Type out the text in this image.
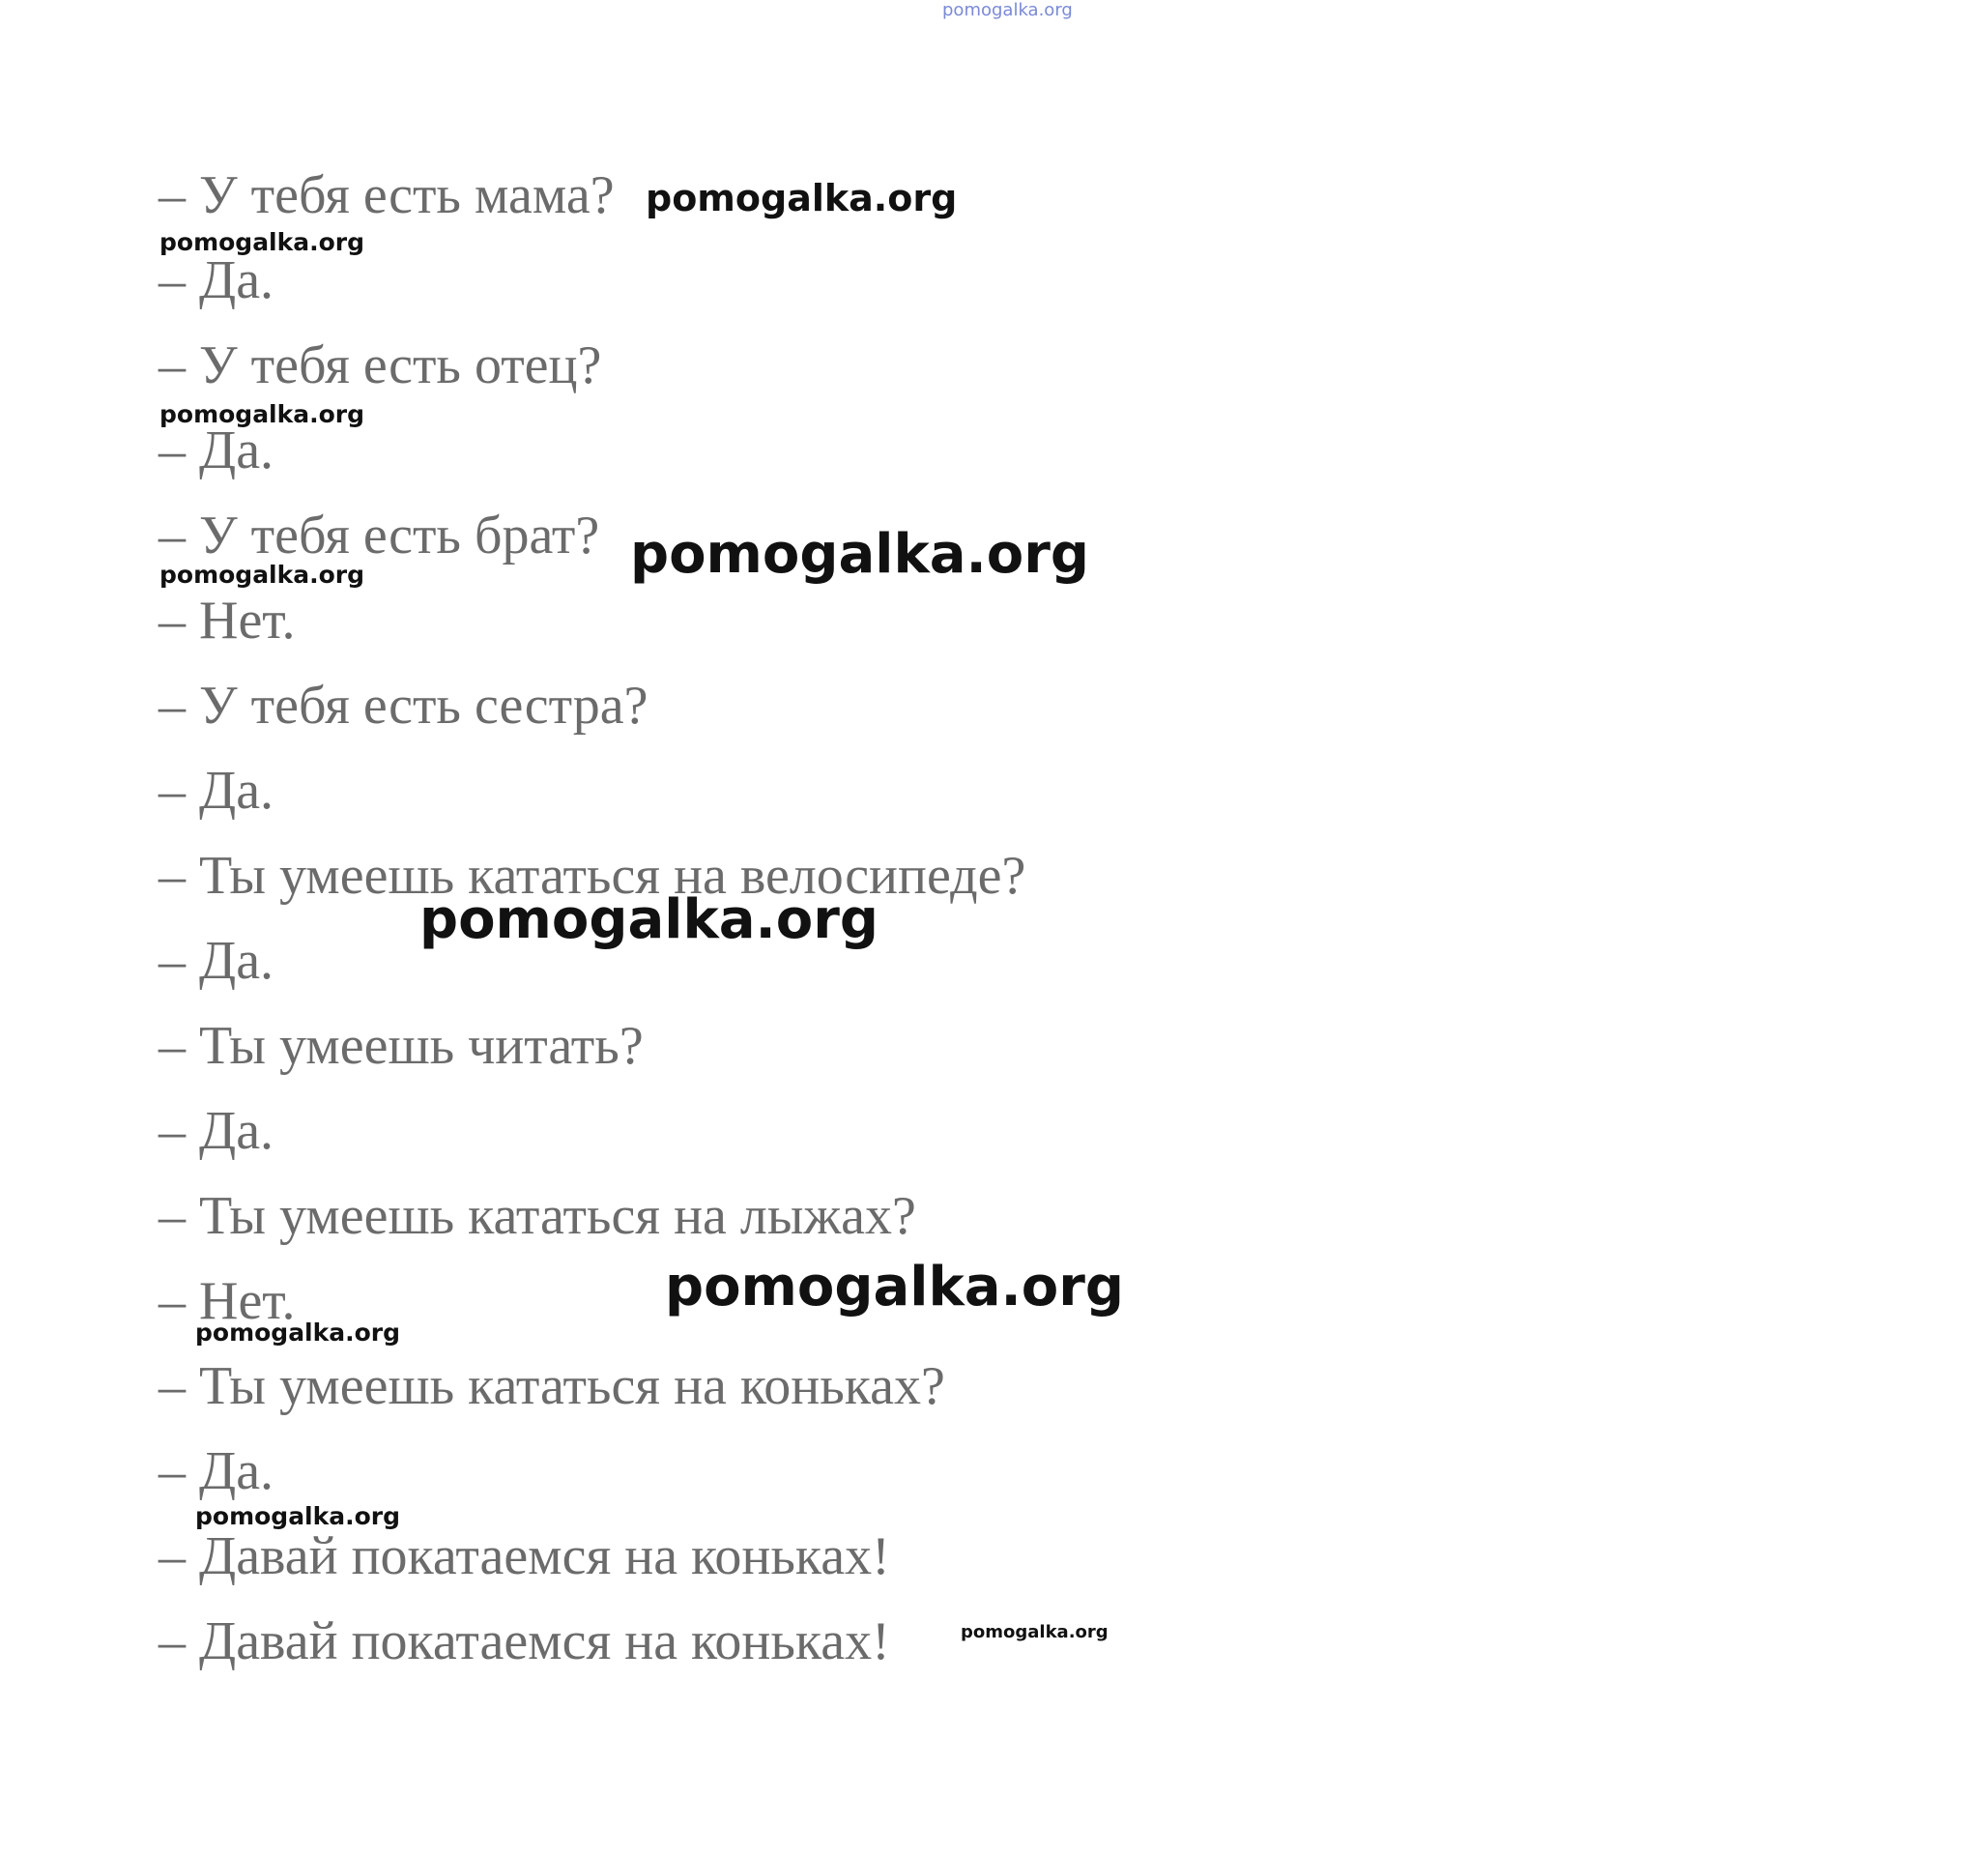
pomogalka.org
– У тебя есть мама?
– Да.
– У тебя есть отец?
– Да.
– У тебя есть брат?
– Нет.
– У тебя есть сестра?
– Да.
– Ты умеешь кататься на велосипеде?
– Да.
– Ты умеешь читать?
– Да.
– Ты умеешь кататься на лыжах?
– Нет.
– Ты умеешь кататься на коньках?
– Да.
– Давай покатаемся на коньках!
– Давай покатаемся на коньках!
pomogalka.org
pomogalka.org
pomogalka.org
pomogalka.org
pomogalka.org
pomogalka.org
pomogalka.org
pomogalka.org
pomogalka.org
pomogalka.org
